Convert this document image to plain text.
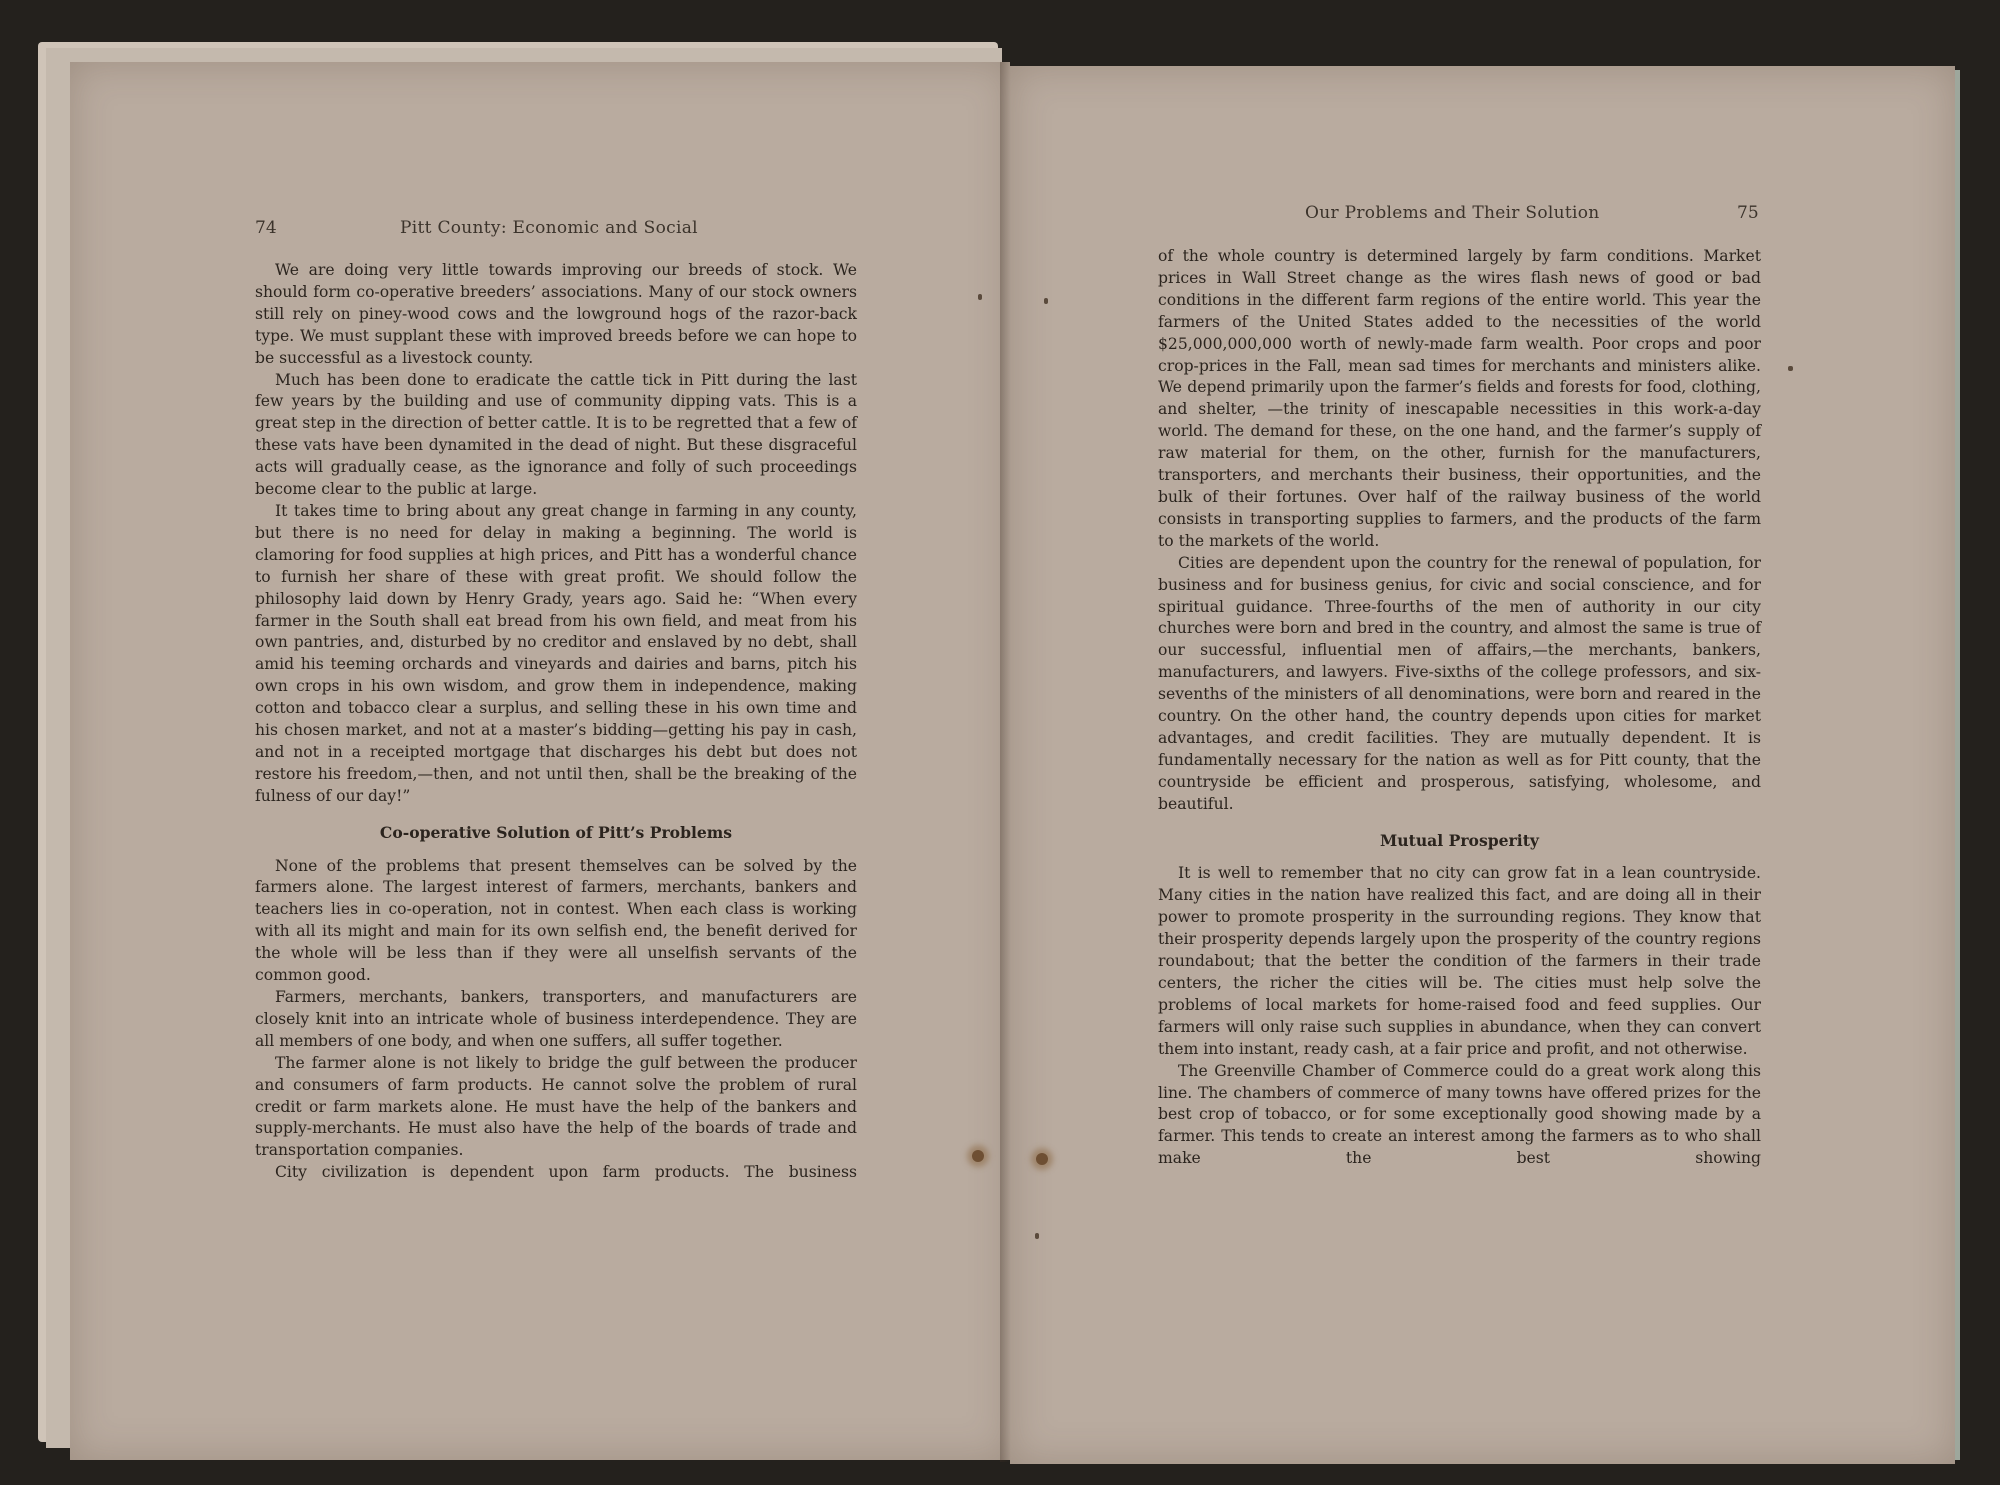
74	Pitt County: Economic and Social

We are doing very little towards improving our breeds of stock. We should form co-operative breeders’ associations. Many of our stock owners still rely on piney-wood cows and the lowground hogs of the razor-back type. We must supplant these with improved breeds before we can hope to be successful as a livestock county.

Much has been done to eradicate the cattle tick in Pitt during the last few years by the building and use of community dipping vats. This is a great step in the direction of better cattle. It is to be regretted that a few of these vats have been dynamited in the dead of night. But these disgraceful acts will gradually cease, as the ignorance and folly of such proceedings become clear to the public at large.

It takes time to bring about any great change in farming in any county, but there is no need for delay in making a beginning. The world is clamoring for food supplies at high prices, and Pitt has a wonderful chance to furnish her share of these with great profit. We should follow the philosophy laid down by Henry Grady, years ago. Said he: “When every farmer in the South shall eat bread from his own field, and meat from his own pantries, and, disturbed by no creditor and enslaved by no debt, shall amid his teeming orchards and vineyards and dairies and barns, pitch his own crops in his own wisdom, and grow them in independence, making cotton and tobacco clear a surplus, and selling these in his own time and his chosen market, and not at a master’s bidding—getting his pay in cash, and not in a receipted mortgage that discharges his debt but does not restore his freedom,—then, and not until then, shall be the breaking of the fulness of our day!”

Co-operative Solution of Pitt’s Problems

None of the problems that present themselves can be solved by the farmers alone. The largest interest of farmers, merchants, bankers and teachers lies in co-operation, not in contest. When each class is working with all its might and main for its own selfish end, the benefit derived for the whole will be less than if they were all unselfish servants of the common good.

Farmers, merchants, bankers, transporters, and manufacturers are closely knit into an intricate whole of business interdependence. They are all members of one body, and when one suffers, all suffer together.

The farmer alone is not likely to bridge the gulf between the producer and consumers of farm products. He cannot solve the problem of rural credit or farm markets alone. He must have the help of the bankers and supply-merchants. He must also have the help of the boards of trade and transportation companies.

City civilization is dependent upon farm products. The business

Our Problems and Their Solution	75

of the whole country is determined largely by farm conditions. Market prices in Wall Street change as the wires flash news of good or bad conditions in the different farm regions of the entire world. This year the farmers of the United States added to the necessities of the world $25,000,000,000 worth of newly-made farm wealth. Poor crops and poor crop-prices in the Fall, mean sad times for merchants and ministers alike. We depend primarily upon the farmer’s fields and forests for food, clothing, and shelter, —the trinity of inescapable necessities in this work-a-day world. The demand for these, on the one hand, and the farmer’s supply of raw material for them, on the other, furnish for the manufacturers, transporters, and merchants their business, their opportunities, and the bulk of their fortunes. Over half of the railway business of the world consists in transporting supplies to farmers, and the products of the farm to the markets of the world.

Cities are dependent upon the country for the renewal of population, for business and for business genius, for civic and social conscience, and for spiritual guidance. Three-fourths of the men of authority in our city churches were born and bred in the country, and almost the same is true of our successful, influential men of affairs,—the merchants, bankers, manufacturers, and lawyers. Five-sixths of the college professors, and six-sevenths of the ministers of all denominations, were born and reared in the country. On the other hand, the country depends upon cities for market advantages, and credit facilities. They are mutually dependent. It is fundamentally necessary for the nation as well as for Pitt county, that the countryside be efficient and prosperous, satisfying, wholesome, and beautiful.

Mutual Prosperity

It is well to remember that no city can grow fat in a lean countryside. Many cities in the nation have realized this fact, and are doing all in their power to promote prosperity in the surrounding regions. They know that their prosperity depends largely upon the prosperity of the country regions roundabout; that the better the condition of the farmers in their trade centers, the richer the cities will be. The cities must help solve the problems of local markets for home-raised food and feed supplies. Our farmers will only raise such supplies in abundance, when they can convert them into instant, ready cash, at a fair price and profit, and not otherwise.

The Greenville Chamber of Commerce could do a great work along this line. The chambers of commerce of many towns have offered prizes for the best crop of tobacco, or for some exceptionally good showing made by a farmer. This tends to create an interest among the farmers as to who shall make the best showing
